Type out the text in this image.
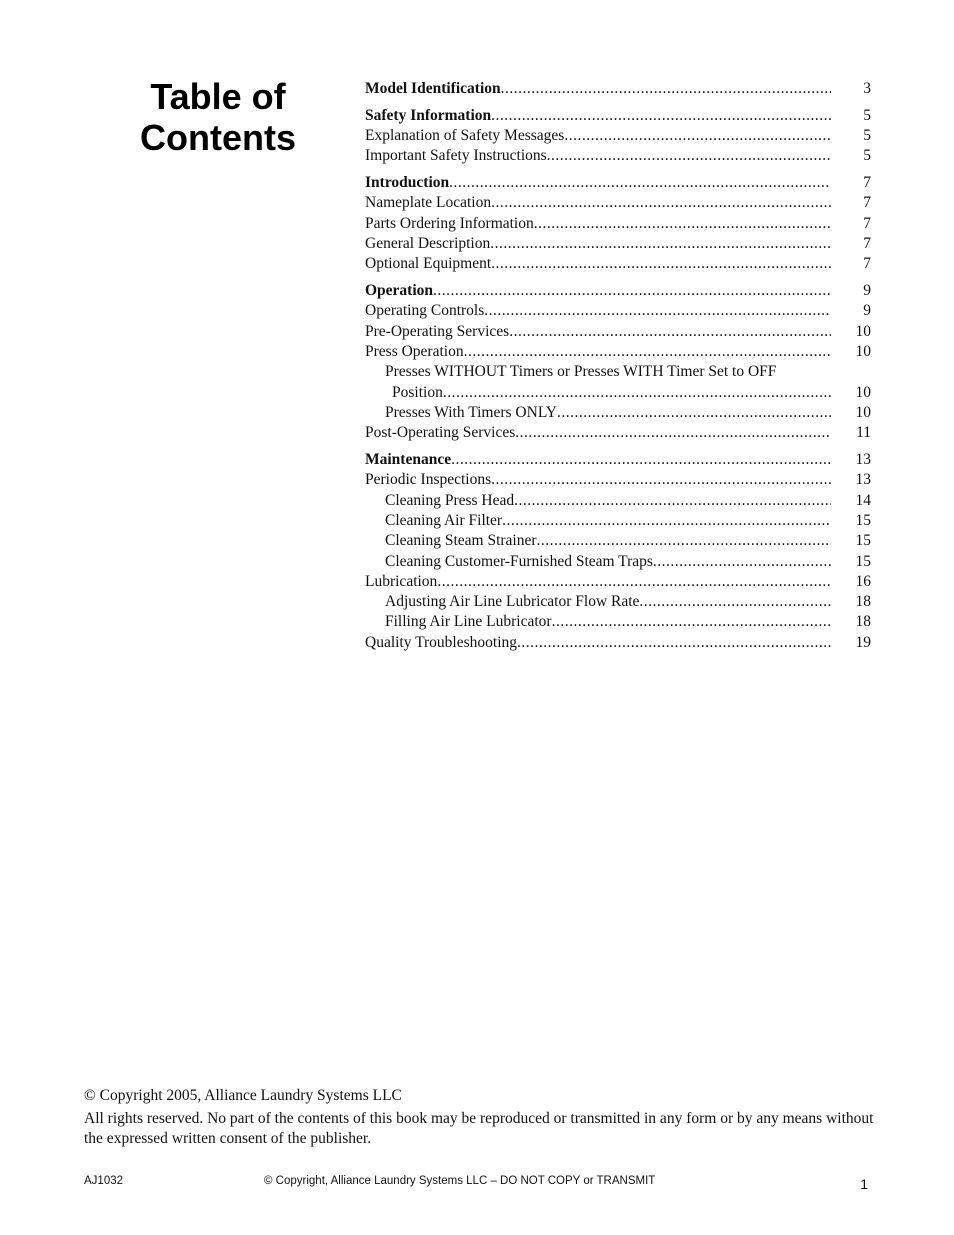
Table of
Contents
Model Identification .....	3
Safety Information .....	5
Explanation of Safety Messages .....	5
Important Safety Instructions .....	5
Introduction .....	7
Nameplate Location .....	7
Parts Ordering Information .....	7
General Description .....	7
Optional Equipment .....	7
Operation .....	9
Operating Controls .....	9
Pre-Operating Services .....	10
Press Operation .....	10
Presses WITHOUT Timers or Presses WITH Timer Set to OFF
Position .....	10
Presses With Timers ONLY .....	10
Post-Operating Services .....	11
Maintenance .....	13
Periodic Inspections .....	13
Cleaning Press Head .....	14
Cleaning Air Filter .....	15
Cleaning Steam Strainer .....	15
Cleaning Customer-Furnished Steam Traps .....	15
Lubrication .....	16
Adjusting Air Line Lubricator Flow Rate .....	18
Filling Air Line Lubricator .....	18
Quality Troubleshooting .....	19
© Copyright 2005, Alliance Laundry Systems LLC
All rights reserved. No part of the contents of this book may be reproduced or transmitted in any form or by any means without the expressed written consent of the publisher.
AJ1032	© Copyright, Alliance Laundry Systems LLC – DO NOT COPY or TRANSMIT	1
